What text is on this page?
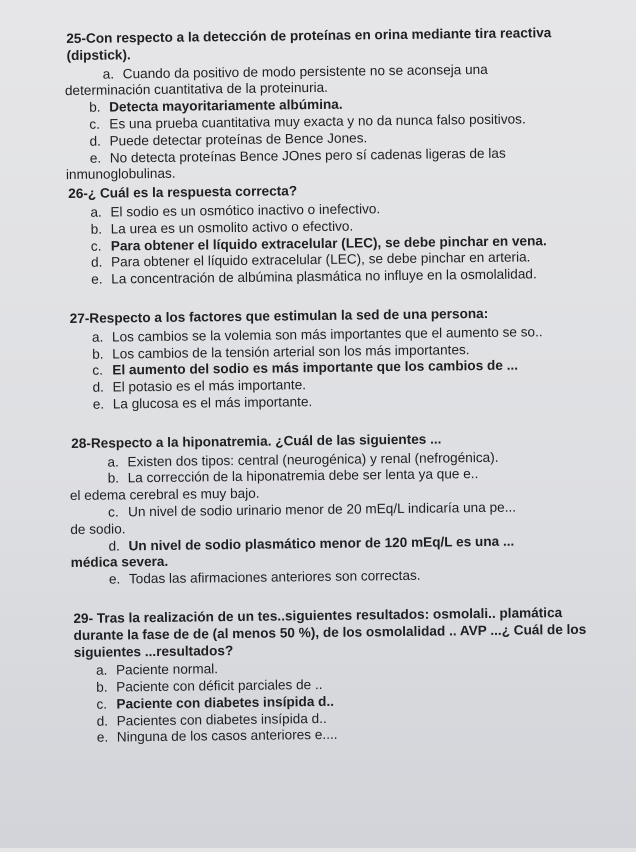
25-Con respecto a la detección de proteínas en orina mediante tira reactiva (dipstick).
a. Cuando da positivo de modo persistente no se aconseja una
determinación cuantitativa de la proteinuria.
b. Detecta mayoritariamente albúmina.
c. Es una prueba cuantitativa muy exacta y no da nunca falso positivos.
d. Puede detectar proteínas de Bence Jones.
e. No detecta proteínas Bence JOnes pero sí cadenas ligeras de las
inmunoglobulinas.
26-¿ Cuál es la respuesta correcta?
a. El sodio es un osmótico inactivo o inefectivo.
b. La urea es un osmolito activo o efectivo.
c. Para obtener el líquido extracelular (LEC), se debe pinchar en vena.
d. Para obtener el líquido extracelular (LEC), se debe pinchar en arteria.
e. La concentración de albúmina plasmática no influye en la osmolalidad.
27-Respecto a los factores que estimulan la sed de una persona:
a. Los cambios se la volemia son más importantes que el aumento se so..
b. Los cambios de la tensión arterial son los más importantes.
c. El aumento del sodio es más importante que los cambios de ...
d. El potasio es el más importante.
e. La glucosa es el más importante.
28-Respecto a la hiponatremia. ¿Cuál de las siguientes ...
a. Existen dos tipos: central (neurogénica) y renal (nefrogénica).
b. La corrección de la hiponatremia debe ser lenta ya que e..
el edema cerebral es muy bajo.
c. Un nivel de sodio urinario menor de 20 mEq/L indicaría una pe...
de sodio.
d. Un nivel de sodio plasmático menor de 120 mEq/L es una ...
médica severa.
e. Todas las afirmaciones anteriores son correctas.
29- Tras la realización de un tes..siguientes resultados: osmolali.. plamática durante la fase de de (al menos 50 %), de los osmolalidad .. AVP ...¿ Cuál de los siguientes ...resultados?
a. Paciente normal.
b. Paciente con déficit parciales de ..
c. Paciente con diabetes insípida d..
d. Pacientes con diabetes insípida d..
e. Ninguna de los casos anteriores e....
